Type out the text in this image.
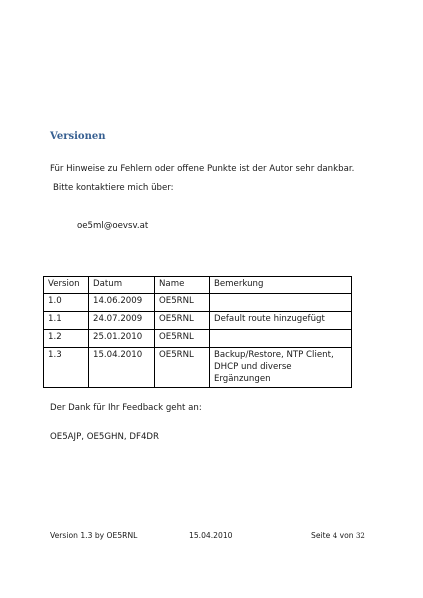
Versionen
Für Hinweise zu Fehlern oder offene Punkte ist der Autor sehr dankbar.
Bitte kontaktiere mich über:
oe5ml@oevsv.at
Version	Datum	Name	Bemerkung
1.0	14.06.2009	OE5RNL	
1.1	24.07.2009	OE5RNL	Default route hinzugefügt
1.2	25.01.2010	OE5RNL	
1.3	15.04.2010	OE5RNL	Backup/Restore, NTP Client,
DHCP und diverse Ergänzungen
Der Dank für Ihr Feedback geht an:
OE5AJP, OE5GHN, DF4DR
Version 1.3 by OE5RNL	15.04.2010	Seite 4 von 32
